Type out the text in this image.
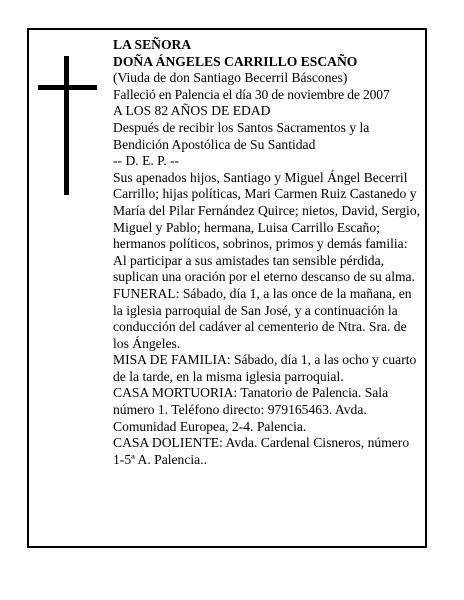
LA SEÑORA

DOÑA ÁNGELES CARRILLO ESCAÑO

(Viuda de don Santiago Becerril Báscones)

Falleció en Palencia el día 30 de noviembre de 2007

A LOS 82 AÑOS DE EDAD

Después de recibir los Santos Sacramentos y la Bendición Apostólica de Su Santidad

-- D. E. P. --

Sus apenados hijos, Santiago y Miguel Ángel Becerril Carrillo; hijas políticas, Mari Carmen Ruiz Castanedo y María del Pilar Fernández Quirce; nietos, David, Sergio, Miguel y Pablo; hermana, Luisa Carrillo Escaño; hermanos políticos, sobrinos, primos y demás familia:

Al participar a sus amistades tan sensible pérdida, suplican una oración por el eterno descanso de su alma.

FUNERAL: Sábado, día 1, a las once de la mañana, en la iglesia parroquial de San José, y a continuación la conducción del cadáver al cementerio de Ntra. Sra. de los Ángeles.

MISA DE FAMILIA: Sábado, día 1, a las ocho y cuarto de la tarde, en la misma iglesia parroquial.

CASA MORTUORIA: Tanatorio de Palencia. Sala número 1. Teléfono directo: 979165463. Avda. Comunidad Europea, 2-4. Palencia.

CASA DOLIENTE: Avda. Cardenal Cisneros, número 1-5ª A. Palencia..
